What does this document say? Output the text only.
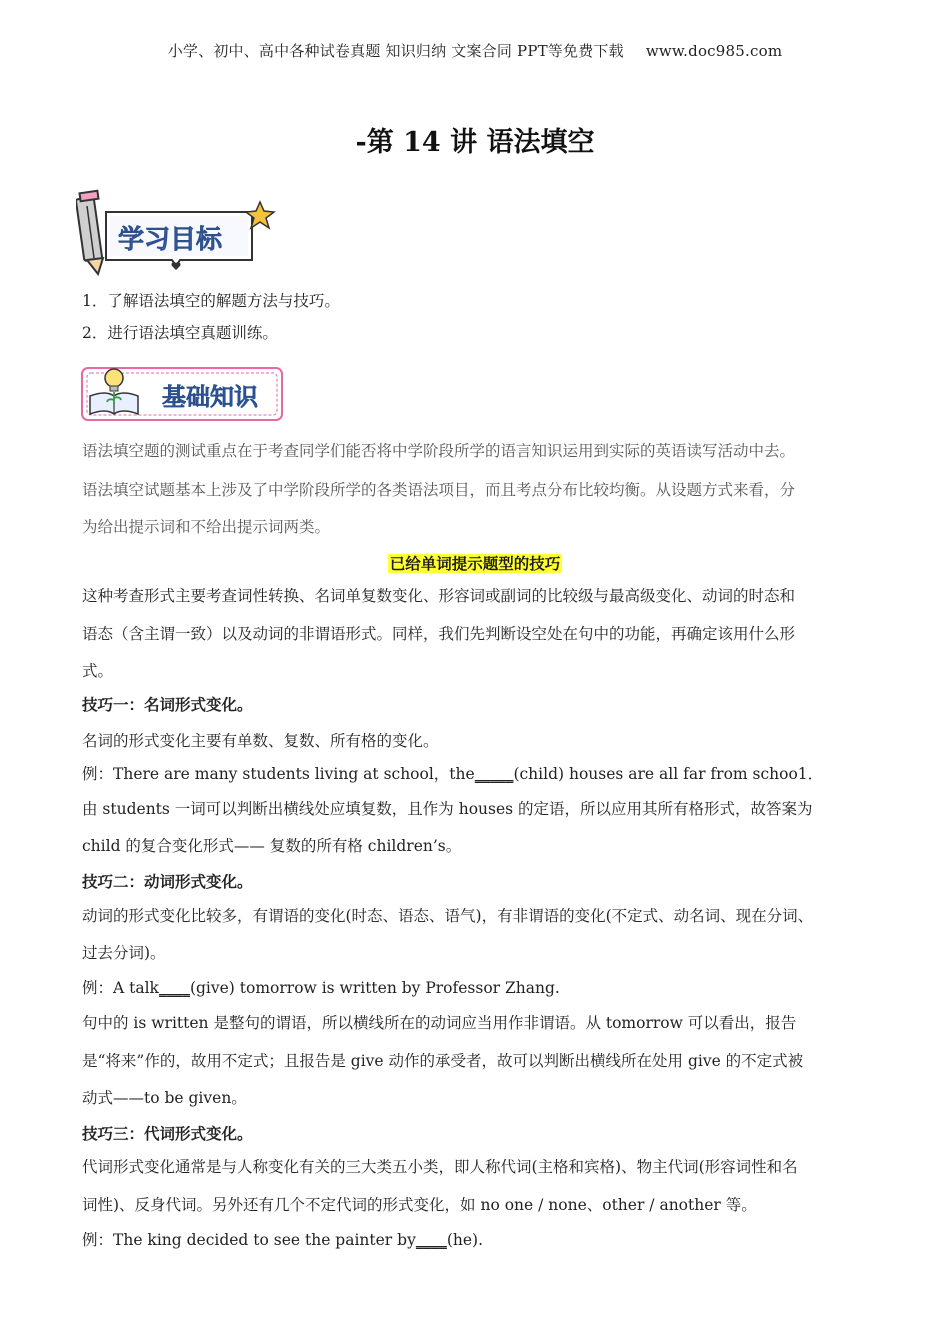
小学、初中、高中各种试卷真题 知识归纳 文案合同 PPT等免费下载 www.doc985.com
-第 14 讲 语法填空
学习目标
1．了解语法填空的解题方法与技巧。
2．进行语法填空真题训练。
基础知识
语法填空题的测试重点在于考查同学们能否将中学阶段所学的语言知识运用到实际的英语读写活动中去。
语法填空试题基本上涉及了中学阶段所学的各类语法项目，而且考点分布比较均衡。从设题方式来看，分
为给出提示词和不给出提示词两类。
已给单词提示题型的技巧
这种考查形式主要考查词性转换、名词单复数变化、形容词或副词的比较级与最高级变化、动词的时态和
语态（含主谓一致）以及动词的非谓语形式。同样，我们先判断设空处在句中的功能，再确定该用什么形
式。
技巧一：名词形式变化。
名词的形式变化主要有单数、复数、所有格的变化。
例：There are many students living at school，the_____(child) houses are all far from schoo1．
由 students 一词可以判断出横线处应填复数，且作为 houses 的定语，所以应用其所有格形式，故答案为
child 的复合变化形式—— 复数的所有格 children’s。
技巧二：动词形式变化。
动词的形式变化比较多，有谓语的变化(时态、语态、语气)，有非谓语的变化(不定式、动名词、现在分词、
过去分词)。
例：A talk____(give) tomorrow is written by Professor Zhang.
句中的 is written 是整句的谓语，所以横线所在的动词应当用作非谓语。从 tomorrow 可以看出，报告
是“将来”作的，故用不定式；且报告是 give 动作的承受者，故可以判断出横线所在处用 give 的不定式被
动式——to be given。
技巧三：代词形式变化。
代词形式变化通常是与人称变化有关的三大类五小类，即人称代词(主格和宾格)、物主代词(形容词性和名
词性)、反身代词。另外还有几个不定代词的形式变化，如 no one / none、other / another 等。
例：The king decided to see the painter by____(he).
